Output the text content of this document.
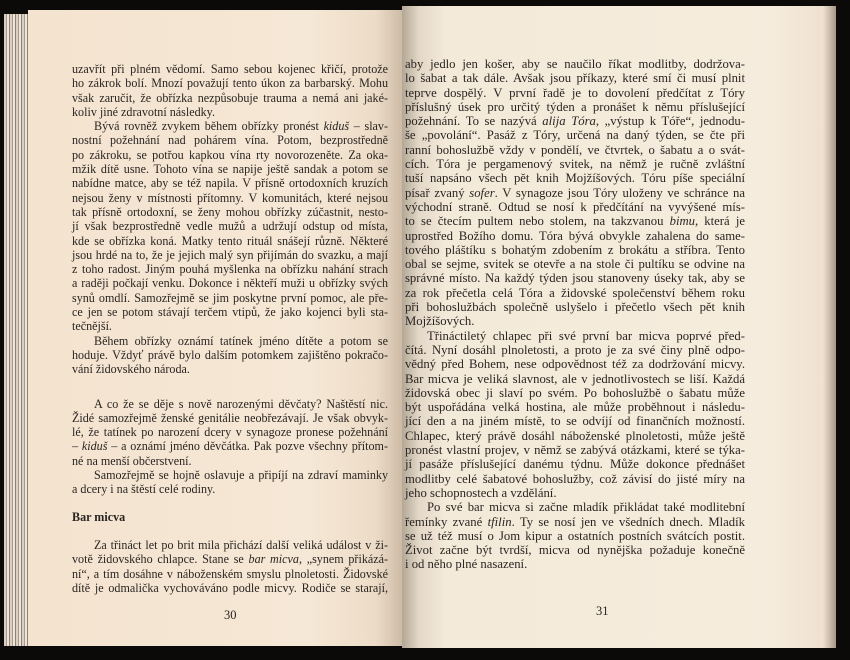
uzavřít při plném vědomí. Samo sebou kojenec křičí, protože
ho zákrok bolí. Mnozí považují tento úkon za barbarský. Mohu
však zaručit, že obřízka nezpůsobuje trauma a nemá ani jaké-
koliv jiné zdravotní následky.
Bývá rovněž zvykem během obřízky pronést kiduš – slav-
nostní požehnání nad pohárem vína. Potom, bezprostředně
po zákroku, se potřou kapkou vína rty novorozeněte. Za oka-
mžik dítě usne. Tohoto vína se napije ještě sandak a potom se
nabídne matce, aby se též napila. V přísně ortodoxních kruzích
nejsou ženy v místnosti přítomny. V komunitách, které nejsou
tak přísně ortodoxní, se ženy mohou obřízky zúčastnit, nesto-
jí však bezprostředně vedle mužů a udržují odstup od místa,
kde se obřízka koná. Matky tento rituál snášejí různě. Některé
jsou hrdé na to, že je jejich malý syn přijímán do svazku, a mají
z toho radost. Jiným pouhá myšlenka na obřízku nahání strach
a raději počkají venku. Dokonce i někteří muži u obřízky svých
synů omdlí. Samozřejmě se jim poskytne první pomoc, ale pře-
ce jen se potom stávají terčem vtipů, že jako kojenci byli sta-
tečnější.
Během obřízky oznámí tatínek jméno dítěte a potom se
hoduje. Vždyť právě bylo dalším potomkem zajištěno pokračo-
vání židovského národa.
A co že se děje s nově narozenými děvčaty? Naštěstí nic.
Židé samozřejmě ženské genitálie neobřezávají. Je však obvyk-
lé, že tatínek po narození dcery v synagoze pronese požehnání
– kiduš – a oznámí jméno děvčátka. Pak pozve všechny přítom-
né na menší občerstvení.
Samozřejmě se hojně oslavuje a připíjí na zdraví maminky
a dcery i na štěstí celé rodiny.
Bar micva
Za třináct let po brit mila přichází další veliká událost v ži-
votě židovského chlapce. Stane se bar micva, „synem přikázá-
ní“, a tím dosáhne v náboženském smyslu plnoletosti. Židovské
dítě je odmalička vychováváno podle micvy. Rodiče se starají,
30
aby jedlo jen košer, aby se naučilo říkat modlitby, dodržova-
lo šabat a tak dále. Avšak jsou příkazy, které smí či musí plnit
teprve dospělý. V první řadě je to dovolení předčítat z Tóry
příslušný úsek pro určitý týden a pronášet k němu příslušející
požehnání. To se nazývá alija Tóra, „výstup k Tóře“, jednodu-
še „povolání“. Pasáž z Tóry, určená na daný týden, se čte při
ranní bohoslužbě vždy v pondělí, ve čtvrtek, o šabatu a o svát-
cích. Tóra je pergamenový svitek, na němž je ručně zvláštní
tuší napsáno všech pět knih Mojžíšových. Tóru píše speciální
písař zvaný sofer. V synagoze jsou Tóry uloženy ve schránce na
východní straně. Odtud se nosí k předčítání na vyvýšené mís-
to se čtecím pultem nebo stolem, na takzvanou bimu, která je
uprostřed Božího domu. Tóra bývá obvykle zahalena do same-
tového pláštíku s bohatým zdobením z brokátu a stříbra. Tento
obal se sejme, svitek se otevře a na stole či pultíku se odvine na
správné místo. Na každý týden jsou stanoveny úseky tak, aby se
za rok přečetla celá Tóra a židovské společenství během roku
při bohoslužbách společně uslyšelo i přečetlo všech pět knih
Mojžíšových.
Třináctiletý chlapec při své první bar micva poprvé před-
čítá. Nyní dosáhl plnoletosti, a proto je za své činy plně odpo-
vědný před Bohem, nese odpovědnost též za dodržování micvy.
Bar micva je veliká slavnost, ale v jednotlivostech se liší. Každá
židovská obec ji slaví po svém. Po bohoslužbě o šabatu může
být uspořádána velká hostina, ale může proběhnout i následu-
jící den a na jiném místě, to se odvíjí od finančních možností.
Chlapec, který právě dosáhl náboženské plnoletosti, může ještě
pronést vlastní projev, v němž se zabývá otázkami, které se týka-
jí pasáže příslušející danému týdnu. Může dokonce přednášet
modlitby celé šabatové bohoslužby, což závisí do jisté míry na
jeho schopnostech a vzdělání.
Po své bar micva si začne mladík přikládat také modlitební
řemínky zvané tfilin. Ty se nosí jen ve všedních dnech. Mladík
se už též musí o Jom kipur a ostatních postních svátcích postit.
Život začne být tvrdší, micva od nynějška požaduje konečně
i od něho plné nasazení.
31
